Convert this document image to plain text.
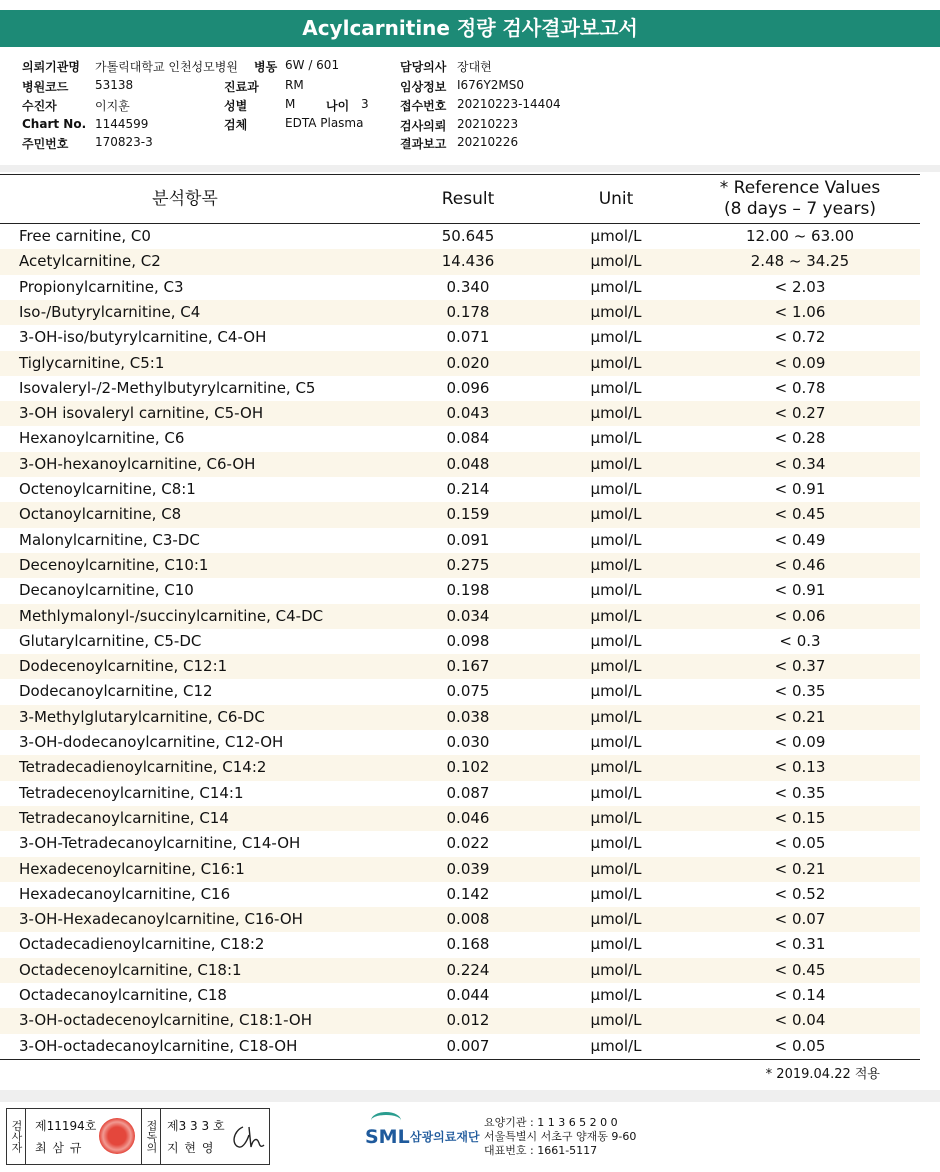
Acylcarnitine 정량 검사결과보고서
의뢰기관명 가톨릭대학교 인천성모병원
병원코드 53138
수진자	이지훈
Chart No. 1144599
주민번호 170823-3
병동 6W / 601
진료과 RM
성별	M	나이 3
검체	EDTA Plasma
담당의사 장대현
임상정보 I676Y2MS0
접수번호 20210223-14404
검사의뢰 20210223
결과보고 20210226
분석항목	Result	Unit
* Reference Values
(8 days – 7 years)
Free carnitine, C0	50.645	μmol/L	12.00 ~ 63.00
Acetylcarnitine, C2	14.436	μmol/L	2.48 ~ 34.25
Propionylcarnitine, C3	0.340	μmol/L	< 2.03
Iso-/Butyrylcarnitine, C4	0.178	μmol/L	< 1.06
3-OH-iso/butyrylcarnitine, C4-OH	0.071	μmol/L	< 0.72
Tiglycarnitine, C5:1	0.020	μmol/L	< 0.09
Isovaleryl-/2-Methylbutyrylcarnitine, C5	0.096	μmol/L	< 0.78
3-OH isovaleryl carnitine, C5-OH	0.043	μmol/L	< 0.27
Hexanoylcarnitine, C6	0.084	μmol/L	< 0.28
3-OH-hexanoylcarnitine, C6-OH	0.048	μmol/L	< 0.34
Octenoylcarnitine, C8:1	0.214	μmol/L	< 0.91
Octanoylcarnitine, C8	0.159	μmol/L	< 0.45
Malonylcarnitine, C3-DC	0.091	μmol/L	< 0.49
Decenoylcarnitine, C10:1	0.275	μmol/L	< 0.46
Decanoylcarnitine, C10	0.198	μmol/L	< 0.91
Methlymalonyl-/succinylcarnitine, C4-DC	0.034	μmol/L	< 0.06
Glutarylcarnitine, C5-DC	0.098	μmol/L	< 0.3
Dodecenoylcarnitine, C12:1	0.167	μmol/L	< 0.37
Dodecanoylcarnitine, C12	0.075	μmol/L	< 0.35
3-Methylglutarylcarnitine, C6-DC	0.038	μmol/L	< 0.21
3-OH-dodecanoylcarnitine, C12-OH	0.030	μmol/L	< 0.09
Tetradecadienoylcarnitine, C14:2	0.102	μmol/L	< 0.13
Tetradecenoylcarnitine, C14:1	0.087	μmol/L	< 0.35
Tetradecanoylcarnitine, C14	0.046	μmol/L	< 0.15
3-OH-Tetradecanoylcarnitine, C14-OH	0.022	μmol/L	< 0.05
Hexadecenoylcarnitine, C16:1	0.039	μmol/L	< 0.21
Hexadecanoylcarnitine, C16	0.142	μmol/L	< 0.52
3-OH-Hexadecanoylcarnitine, C16-OH	0.008	μmol/L	< 0.07
Octadecadienoylcarnitine, C18:2	0.168	μmol/L	< 0.31
Octadecenoylcarnitine, C18:1	0.224	μmol/L	< 0.45
Octadecanoylcarnitine, C18	0.044	μmol/L	< 0.14
3-OH-octadecenoylcarnitine, C18:1-OH	0.012	μmol/L	< 0.04
3-OH-octadecanoylcarnitine, C18-OH	0.007	μmol/L	< 0.05
* 2019.04.22 적용
검사자 제11194호
최 삼 규	접독의 제3 3 3 호
지 현 영	SML 삼광의료재단
요양기관 : 1 1 3 6 5 2 0 0
서울특별시 서초구 양재동 9-60
대표번호 : 1661-5117
